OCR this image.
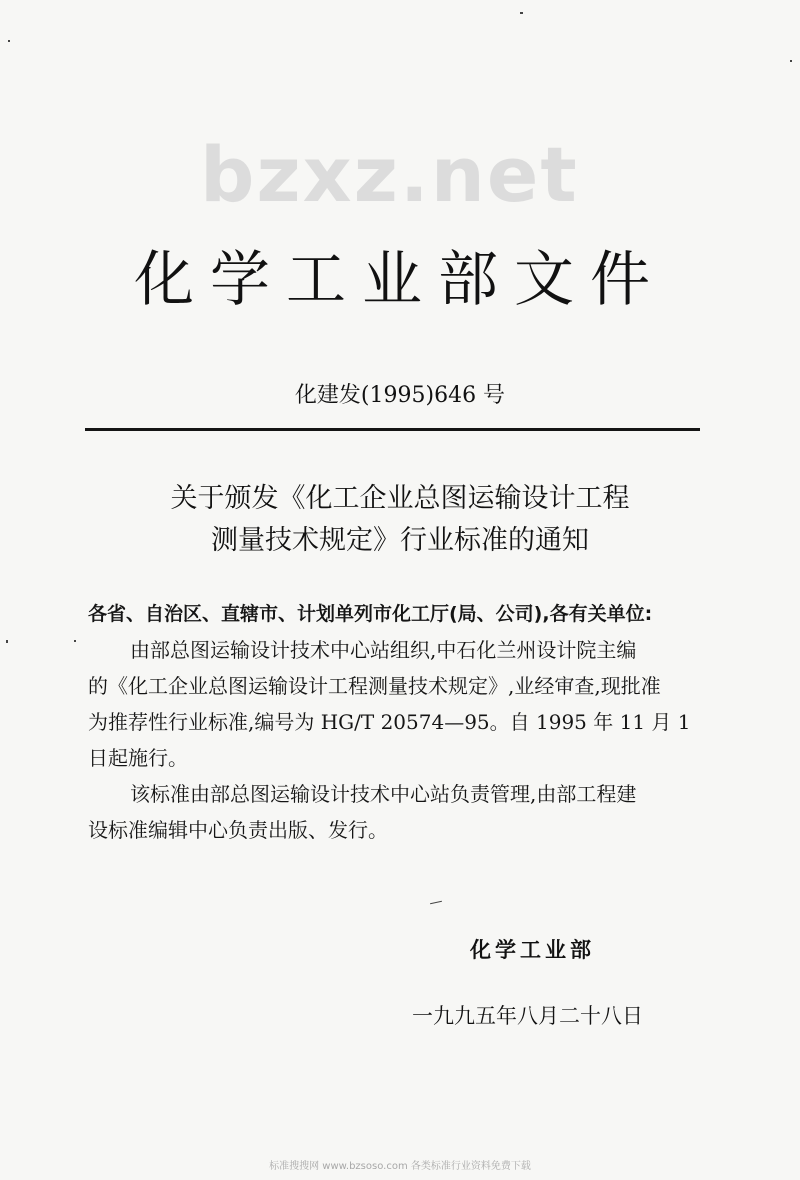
bzxz.net
化学工业部文件
化建发(1995)646 号
关于颁发《化工企业总图运输设计工程
测量技术规定》行业标准的通知
各省、自治区、直辖市、计划单列市化工厅(局、公司),各有关单位:
由部总图运输设计技术中心站组织,中石化兰州设计院主编
的《化工企业总图运输设计工程测量技术规定》,业经审查,现批准
为推荐性行业标准,编号为 HG/T 20574—95。自 1995 年 11 月 1
日起施行。
该标准由部总图运输设计技术中心站负责管理,由部工程建
设标准编辑中心负责出版、发行。
化学工业部
一九九五年八月二十八日
标准搜搜网 www.bzsoso.com 各类标准行业资料免费下载
